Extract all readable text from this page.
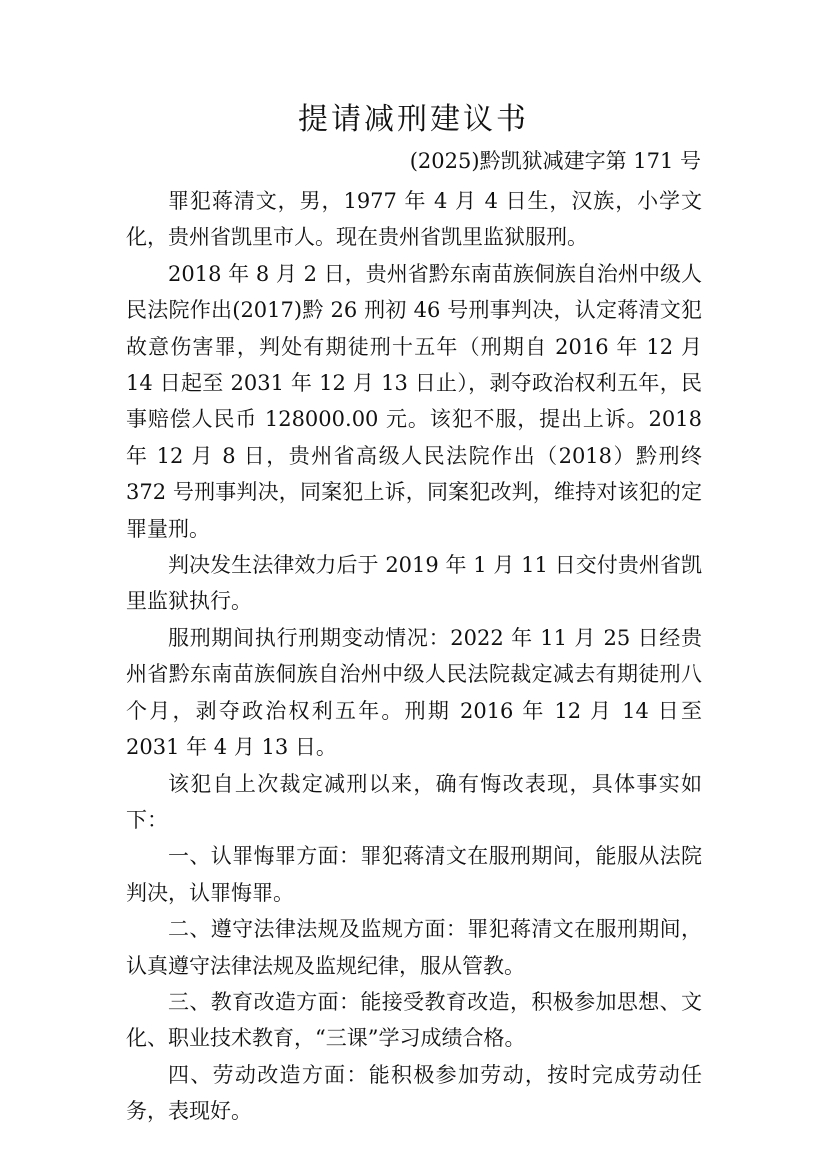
提请减刑建议书
(2025)黔凯狱减建字第 171 号

罪犯蒋清文，男，1977 年 4 月 4 日生，汉族，小学文化，贵州省凯里市人。现在贵州省凯里监狱服刑。

2018 年 8 月 2 日，贵州省黔东南苗族侗族自治州中级人民法院作出(2017)黔 26 刑初 46 号刑事判决，认定蒋清文犯故意伤害罪，判处有期徒刑十五年（刑期自 2016 年 12 月 14 日起至 2031 年 12 月 13 日止），剥夺政治权利五年，民事赔偿人民币 128000.00 元。该犯不服，提出上诉。2018 年 12 月 8 日，贵州省高级人民法院作出（2018）黔刑终 372 号刑事判决，同案犯上诉，同案犯改判，维持对该犯的定罪量刑。

判决发生法律效力后于 2019 年 1 月 11 日交付贵州省凯里监狱执行。

服刑期间执行刑期变动情况：2022 年 11 月 25 日经贵州省黔东南苗族侗族自治州中级人民法院裁定减去有期徒刑八个月，剥夺政治权利五年。刑期 2016 年 12 月 14 日至 2031 年 4 月 13 日。

该犯自上次裁定减刑以来，确有悔改表现，具体事实如下：

一、认罪悔罪方面：罪犯蒋清文在服刑期间，能服从法院判决，认罪悔罪。

二、遵守法律法规及监规方面：罪犯蒋清文在服刑期间，认真遵守法律法规及监规纪律，服从管教。

三、教育改造方面：能接受教育改造，积极参加思想、文化、职业技术教育，“三课”学习成绩合格。

四、劳动改造方面：能积极参加劳动，按时完成劳动任务，表现好。
